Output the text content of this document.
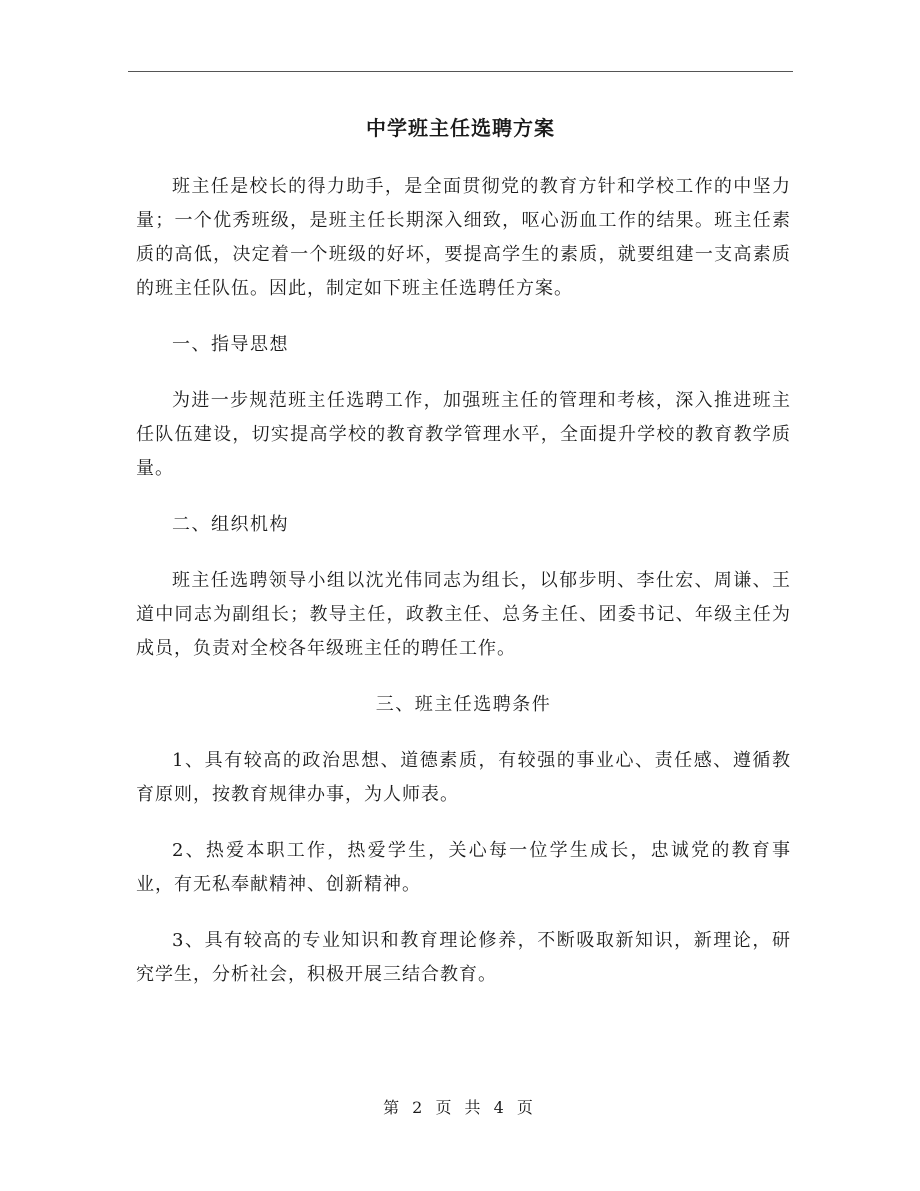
中学班主任选聘方案

班主任是校长的得力助手，是全面贯彻党的教育方针和学校工作的中坚力量；一个优秀班级，是班主任长期深入细致，呕心沥血工作的结果。班主任素质的高低，决定着一个班级的好坏，要提高学生的素质，就要组建一支高素质的班主任队伍。因此，制定如下班主任选聘任方案。

一、指导思想

为进一步规范班主任选聘工作，加强班主任的管理和考核，深入推进班主任队伍建设，切实提高学校的教育教学管理水平，全面提升学校的教育教学质量。

二、组织机构

班主任选聘领导小组以沈光伟同志为组长，以郁步明、李仕宏、周谦、王道中同志为副组长；教导主任，政教主任、总务主任、团委书记、年级主任为成员，负责对全校各年级班主任的聘任工作。

三、班主任选聘条件

1、具有较高的政治思想、道德素质，有较强的事业心、责任感、遵循教育原则，按教育规律办事，为人师表。

2、热爱本职工作，热爱学生，关心每一位学生成长，忠诚党的教育事业，有无私奉献精神、创新精神。

3、具有较高的专业知识和教育理论修养，不断吸取新知识，新理论，研究学生，分析社会，积极开展三结合教育。

第 2 页 共 4 页
